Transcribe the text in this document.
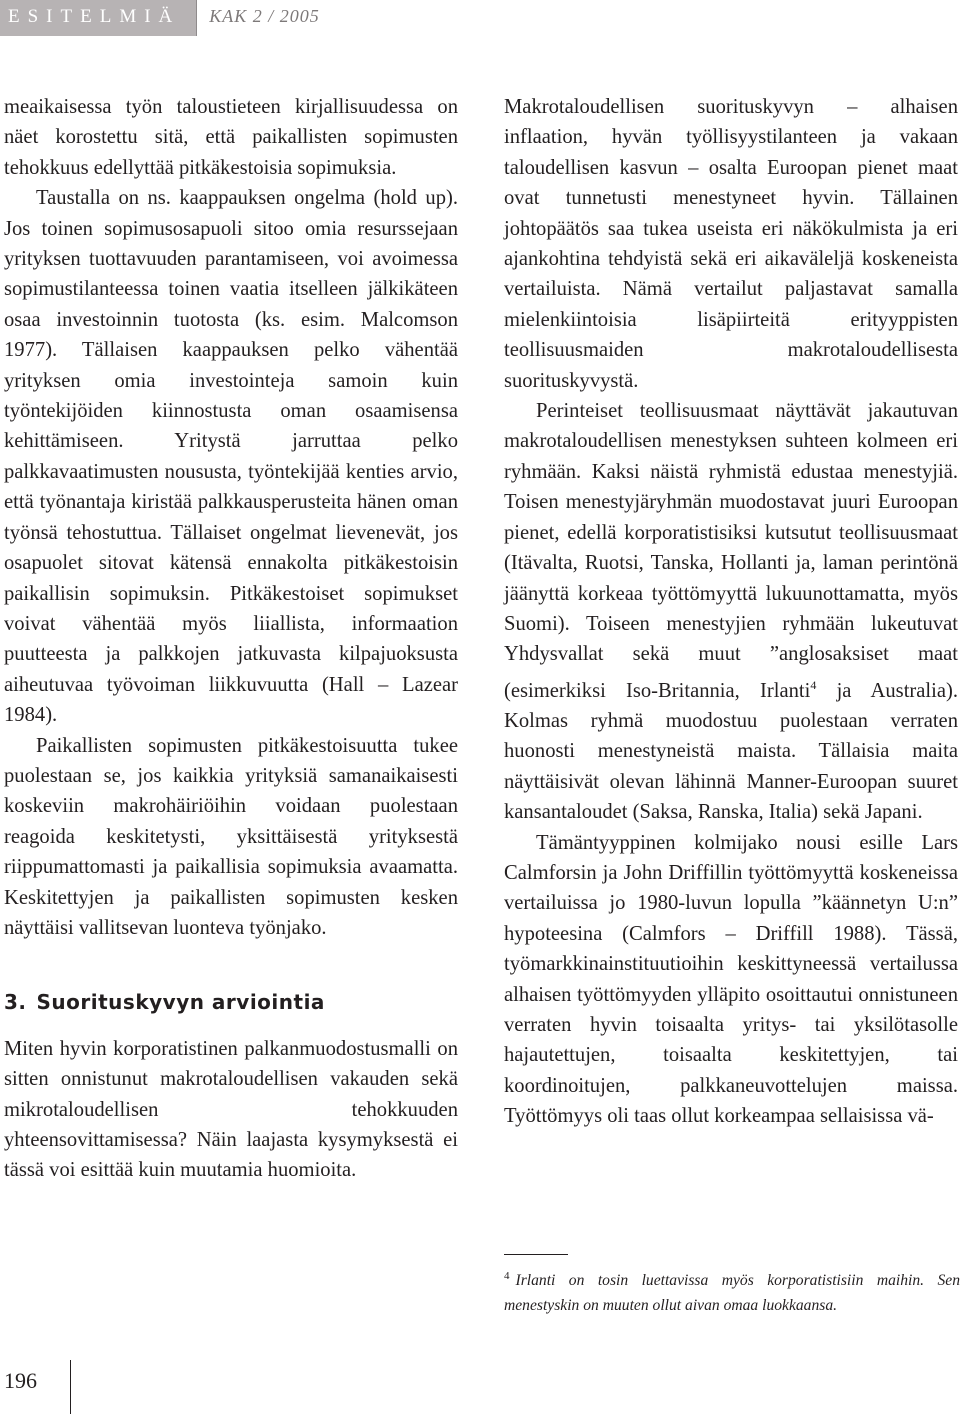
ESITELMIÄ	KAK 2 / 2005

meaikaisessa työn taloustieteen kirjallisuudessa on näet korostettu sitä, että paikallisten sopimusten tehokkuus edellyttää pitkäkestoisia sopimuksia.

Taustalla on ns. kaappauksen ongelma (hold up). Jos toinen sopimusosapuoli sitoo omia resurssejaan yrityksen tuottavuuden parantamiseen, voi avoimessa sopimustilanteessa toinen vaatia itselleen jälkikäteen osaa investoinnin tuotosta (ks. esim. Malcomson 1977). Tällaisen kaappauksen pelko vähentää yrityksen omia investointeja samoin kuin työntekijöiden kiinnostusta oman osaamisensa kehittämiseen. Yritystä jarruttaa pelko palkkavaatimusten noususta, työntekijää kenties arvio, että työnantaja kiristää palkkausperusteita hänen oman työnsä tehostuttua. Tällaiset ongelmat lievenevät, jos osapuolet sitovat kätensä ennakolta pitkäkestoisin paikallisin sopimuksin. Pitkäkestoiset sopimukset voivat vähentää myös liiallista, informaation puutteesta ja palkkojen jatkuvasta kilpajuoksusta aiheutuvaa työvoiman liikkuvuutta (Hall – Lazear 1984).

Paikallisten sopimusten pitkäkestoisuutta tukee puolestaan se, jos kaikkia yrityksiä samanaikaisesti koskeviin makrohäiriöihin voidaan puolestaan reagoida keskitetysti, yksittäisestä yrityksestä riippumattomasti ja paikallisia sopimuksia avaamatta. Keskitettyjen ja paikallisten sopimusten kesken näyttäisi vallitsevan luonteva työnjako.

3. Suorituskyvyn arviointia

Miten hyvin korporatistinen palkanmuodostusmalli on sitten onnistunut makrotaloudellisen vakauden sekä mikrotaloudellisen tehokkuuden yhteensovittamisessa? Näin laajasta kysymyksestä ei tässä voi esittää kuin muutamia huomioita.

Makrotaloudellisen suorituskyvyn – alhaisen inflaation, hyvän työllisyystilanteen ja vakaan taloudellisen kasvun – osalta Euroopan pienet maat ovat tunnetusti menestyneet hyvin. Tällainen johtopäätös saa tukea useista eri näkökulmista ja eri ajankohtina tehdyistä sekä eri aikaväleljä koskeneista vertailuista. Nämä vertailut paljastavat samalla mielenkiintoisia lisäpiirteitä erityyppisten teollisuusmaiden makrotaloudellisesta suorituskyvystä.

Perinteiset teollisuusmaat näyttävät jakautuvan makrotaloudellisen menestyksen suhteen kolmeen eri ryhmään. Kaksi näistä ryhmistä edustaa menestyjiä. Toisen menestyjäryhmän muodostavat juuri Euroopan pienet, edellä korporatistisiksi kutsutut teollisuusmaat (Itävalta, Ruotsi, Tanska, Hollanti ja, laman perintönä jäänyttä korkeaa työttömyyttä lukuunottamatta, myös Suomi). Toiseen menestyjien ryhmään lukeutuvat Yhdysvallat sekä muut ”anglosaksiset maat (esimerkiksi Iso-Britannia, Irlanti$^4$ ja Australia). Kolmas ryhmä muodostuu puolestaan verraten huonosti menestyneistä maista. Tällaisia maita näyttäisivät olevan lähinnä Manner-Euroopan suuret kansantaloudet (Saksa, Ranska, Italia) sekä Japani.

Tämäntyyppinen kolmijako nousi esille Lars Calmforsin ja John Driffillin työttömyyttä koskeneissa vertailuissa jo 1980-luvun lopulla ”käännetyn U:n” hypoteesina (Calmfors – Driffill 1988). Tässä, työmarkkinainstituutioihin keskittyneessä vertailussa alhaisen työttömyyden ylläpito osoittautui onnistuneen verraten hyvin toisaalta yritys- tai yksilötasolle hajautettujen, toisaalta keskitettyjen, tai koordinoitujen, palkkaneuvottelujen maissa. Työttömyys oli taas ollut korkeampaa sellaisissa vä-

$^4$ Irlanti on tosin luettavissa myös korporatistisiin maihin. Sen menestyskin on muuten ollut aivan omaa luokkaansa.
196
